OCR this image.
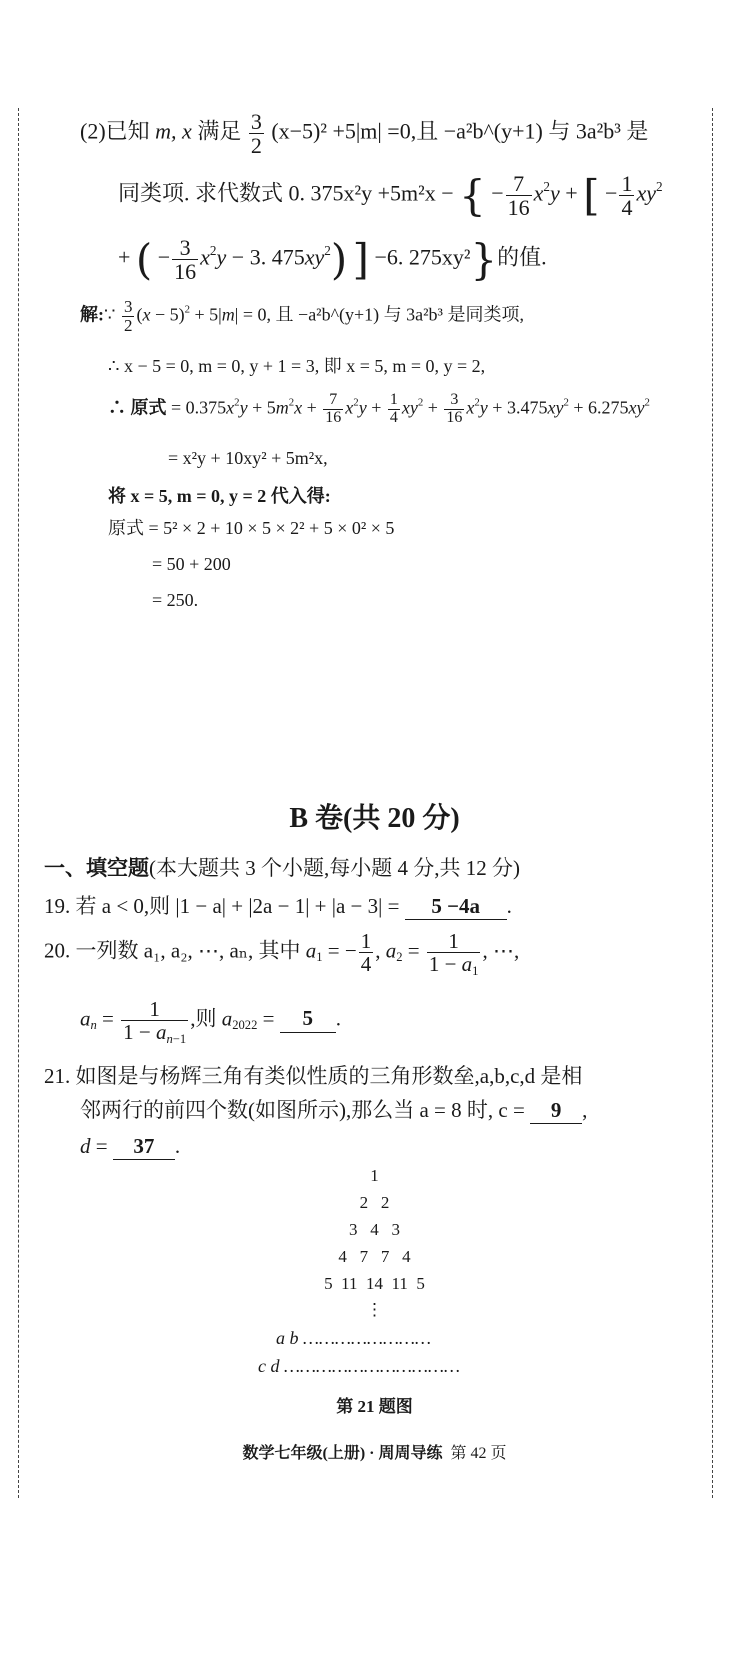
(2)已知 m, x 满足 $\frac{3}{2} (x-5)^2 +5|m| =0$,且 −a²b^(y+1) 与 3a²b³ 是
同类项. 求代数式 0. 375x²y +5m²x − { − $\frac{7}{16} x^2y$ + [ − $\frac{1}{4} xy^2$
+ ( − $\frac{3}{16} x^2y - 3$. $475xy^2$) ] −6. 275xy²}的值.
解:∵ $\frac{3}{2} (x - 5)^2 + 5|m| = 0$, 且 −a²b^(y+1) 与 3a²b³ 是同类项,
∴ x − 5 = 0, m = 0, y + 1 = 3, 即 x = 5, m = 0, y = 2,
∴ 原式 = $0.375x^2y + 5m^2x + \frac{7}{16} x^2y + \frac{1}{4} xy^2 + \frac{3}{16} x^2y + 3.475xy^2 + 6.275xy^2$
= x²y + 10xy² + 5m²x,
将 x = 5, m = 0, y = 2 代入得:
原式 = 5² × 2 + 10 × 5 × 2² + 5 × 0² × 5
= 50 + 200
= 250.
B 卷(共 20 分)
一、填空题(本大题共 3 个小题,每小题 4 分,共 12 分)
19. 若 a < 0,则 |1 − a| + |2a − 1| + |a − 3| = 5 −4a .
20. 一列数 a₁, a₂, ⋯, aₙ, 其中 $a_1$ = − $\frac{1}{4}$ , $a_2 = \frac{1}{1 - a_1}$ , ⋯,
$a_n = \frac{1}{1 - a_{n-1}}$ ,则 $a_{2022} = 5$ .
21. 如图是与杨辉三角有类似性质的三角形数垒,a,b,c,d 是相
邻两行的前四个数(如图所示),那么当 a = 8 时, c = 9 ,
d = 37 .
1
2   2
3   4   3
4   7   7   4
5  11  14  11  5
⋮
a b ……………………
c d ……………………………
第 21 题图
数学七年级(上册) · 周周导练 第 42 页
